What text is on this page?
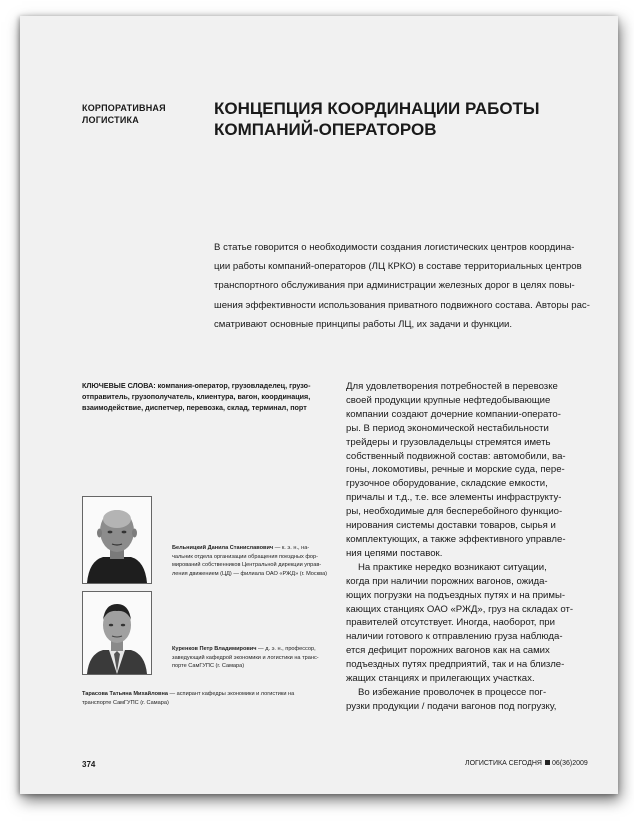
КОРПОРАТИВНАЯ
ЛОГИСТИКА
КОНЦЕПЦИЯ КООРДИНАЦИИ РАБОТЫ
КОМПАНИЙ-ОПЕРАТОРОВ
В статье говорится о необходимости создания логистических центров координа-
ции работы компаний-операторов (ЛЦ КРКО) в составе территориальных центров
транспортного обслуживания при администрации железных дорог в целях повы-
шения эффективности использования приватного подвижного состава. Авторы рас-
сматривают основные принципы работы ЛЦ, их задачи и функции.
КЛЮЧЕВЫЕ СЛОВА: компания-оператор, грузовладелец, грузо-
отправитель, грузополучатель, клиентура, вагон, координация,
взаимодействие, диспетчер, перевозка, склад, терминал, порт
Бельницкий Данила Станиславович — к. э. н., на-
чальник отдела организации обращения поездных фор-
мирований собственников Центральной дирекции управ-
ления движением (ЦД) — филиала ОАО «РЖД» (г. Москва)
Куренков Петр Владимирович — д. э. н., профессор,
заведующий кафедрой экономики и логистики на транс-
порте СамГУПС (г. Самара)
Тарасова Татьяна Михайловна — аспирант кафедры экономики и логистики на
транспорте СамГУПС (г. Самара)
Для удовлетворения потребностей в перевозке
своей продукции крупные нефтедобывающие
компании создают дочерние компании-операто-
ры. В период экономической нестабильности
трейдеры и грузовладельцы стремятся иметь
собственный подвижной состав: автомобили, ва-
гоны, локомотивы, речные и морские суда, пере-
грузочное оборудование, складские емкости,
причалы и т.д., т.е. все элементы инфраструкту-
ры, необходимые для бесперебойного функцио-
нирования системы доставки товаров, сырья и
комплектующих, а также эффективного управле-
ния цепями поставок.
На практике нередко возникают ситуации,
когда при наличии порожних вагонов, ожида-
ющих погрузки на подъездных путях и на примы-
кающих станциях ОАО «РЖД», груз на складах от-
правителей отсутствует. Иногда, наоборот, при
наличии готового к отправлению груза наблюда-
ется дефицит порожних вагонов как на самих
подъездных путях предприятий, так и на близле-
жащих станциях и прилегающих участках.
Во избежание проволочек в процессе пог-
рузки продукции / подачи вагонов под погрузку,
374	ЛОГИСТИКА СЕГОДНЯ 06(36)2009
